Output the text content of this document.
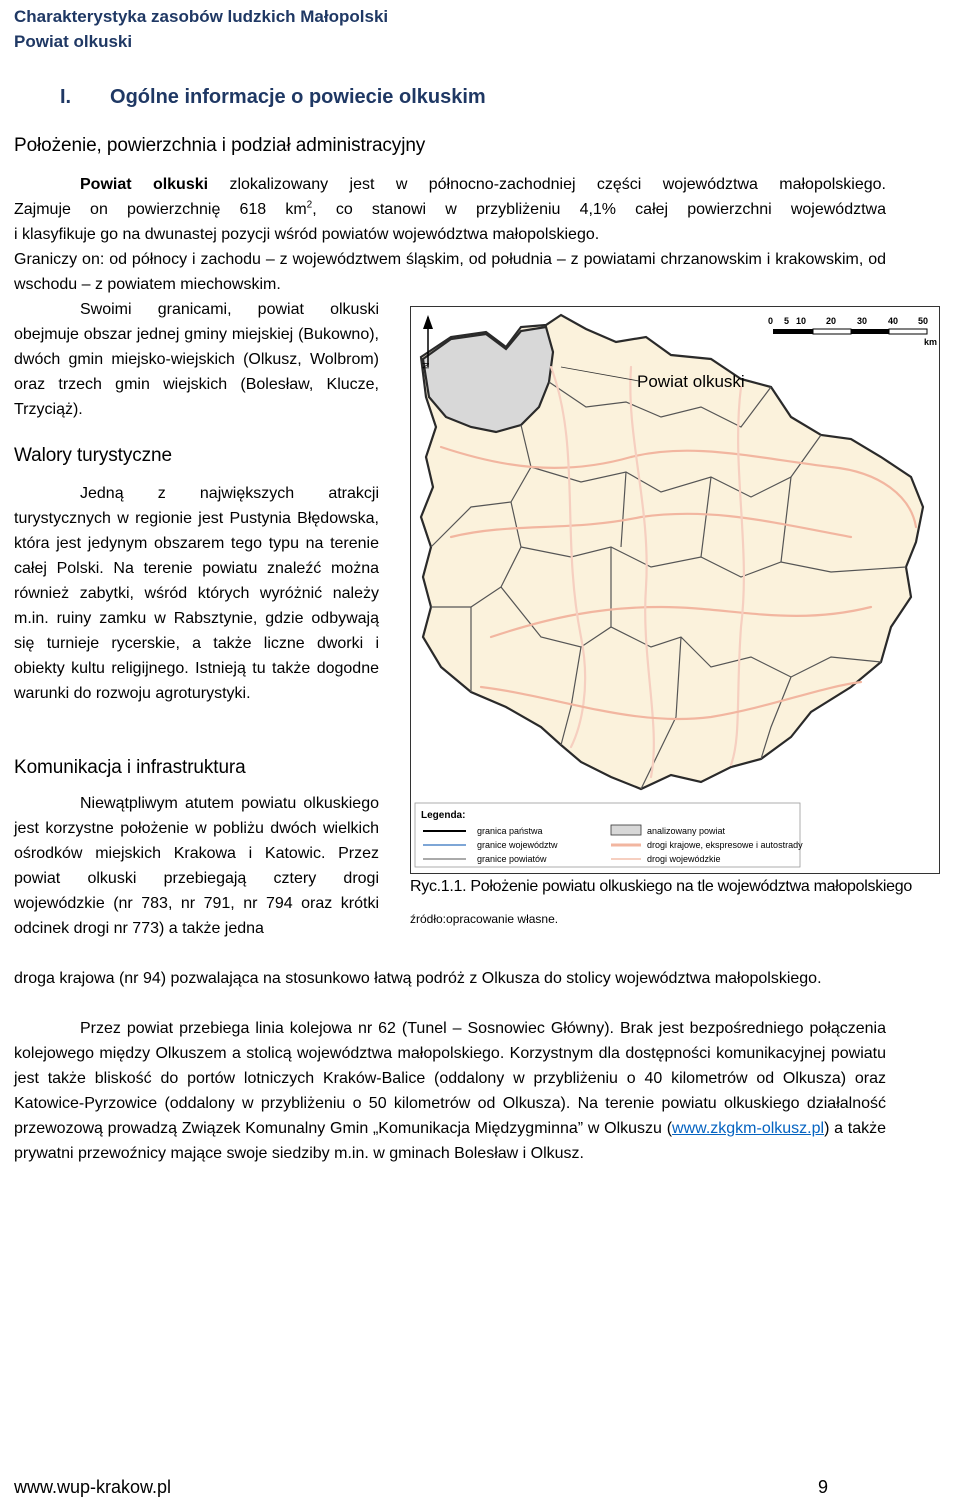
Charakterystyka zasobów ludzkich Małopolski
Powiat olkuski
I. Ogólne informacje o powiecie olkuskim
Położenie, powierzchnia i podział administracyjny
Powiat olkuski zlokalizowany jest w północno-zachodniej części województwa małopolskiego.
Zajmuje on powierzchnię 618 $km^2$, co stanowi w przybliżeniu 4,1% całej powierzchni województwa
i klasyfikuje go na dwunastej pozycji wśród powiatów województwa małopolskiego.
Graniczy on: od północy i zachodu – z województwem śląskim, od południa – z powiatami chrzanowskim i krakowskim, od wschodu – z powiatem miechowskim.
Swoimi granicami, powiat olkuski obejmuje obszar jednej gminy miejskiej (Bukowno), dwóch gmin miejsko-wiejskich (Olkusz, Wolbrom) oraz trzech gmin wiejskich (Bolesław, Klucze, Trzyciąż).
Walory turystyczne
Jedną z największych atrakcji turystycznych w regionie jest Pustynia Błędowska, która jest jedynym obszarem tego typu na terenie całej Polski. Na terenie powiatu znaleźć można również zabytki, wśród których wyróżnić należy m.in. ruiny zamku w Rabsztynie, gdzie odbywają się turnieje rycerskie, a także liczne dworki i obiekty kultu religijnego. Istnieją tu także dogodne warunki do rozwoju agroturystyki.
Komunikacja i infrastruktura
Niewątpliwym atutem powiatu olkuskiego jest korzystne położenie w pobliżu dwóch wielkich ośrodków miejskich Krakowa i Katowic. Przez powiat olkuski przebiegają cztery drogi wojewódzkie (nr 783, nr 791, nr 794 oraz krótki odcinek drogi nr 773) a także jedna
droga krajowa (nr 94) pozwalająca na stosunkowo łatwą podróż z Olkusza do stolicy województwa małopolskiego.
Przez powiat przebiega linia kolejowa nr 62 (Tunel – Sosnowiec Główny). Brak jest bezpośredniego połączenia kolejowego między Olkuszem a stolicą województwa małopolskiego. Korzystnym dla dostępności komunikacyjnej powiatu jest także bliskość do portów lotniczych Kraków-Balice (oddalony w przybliżeniu o 40 kilometrów od Olkusza) oraz Katowice-Pyrzowice (oddalony w przybliżeniu o 50 kilometrów od Olkusza). Na terenie powiatu olkuskiego działalność przewozową prowadzą Związek Komunalny Gmin „Komunikacja Międzygminna” w Olkuszu (www.zkgkm-olkusz.pl) a także prywatni przewoźnicy mające swoje siedziby m.in. w gminach Bolesław i Olkusz.
N
0 5 10 20 30 40 50
km
Powiat olkuski
Legenda:
granica państwa
granice województw
granice powiatów
analizowany powiat
drogi krajowe, ekspresowe i autostrady
drogi wojewódzkie
Ryc.1.1. Położenie powiatu olkuskiego na tle województwa małopolskiego
źródło:opracowanie własne.
www.wup-krakow.pl	9
